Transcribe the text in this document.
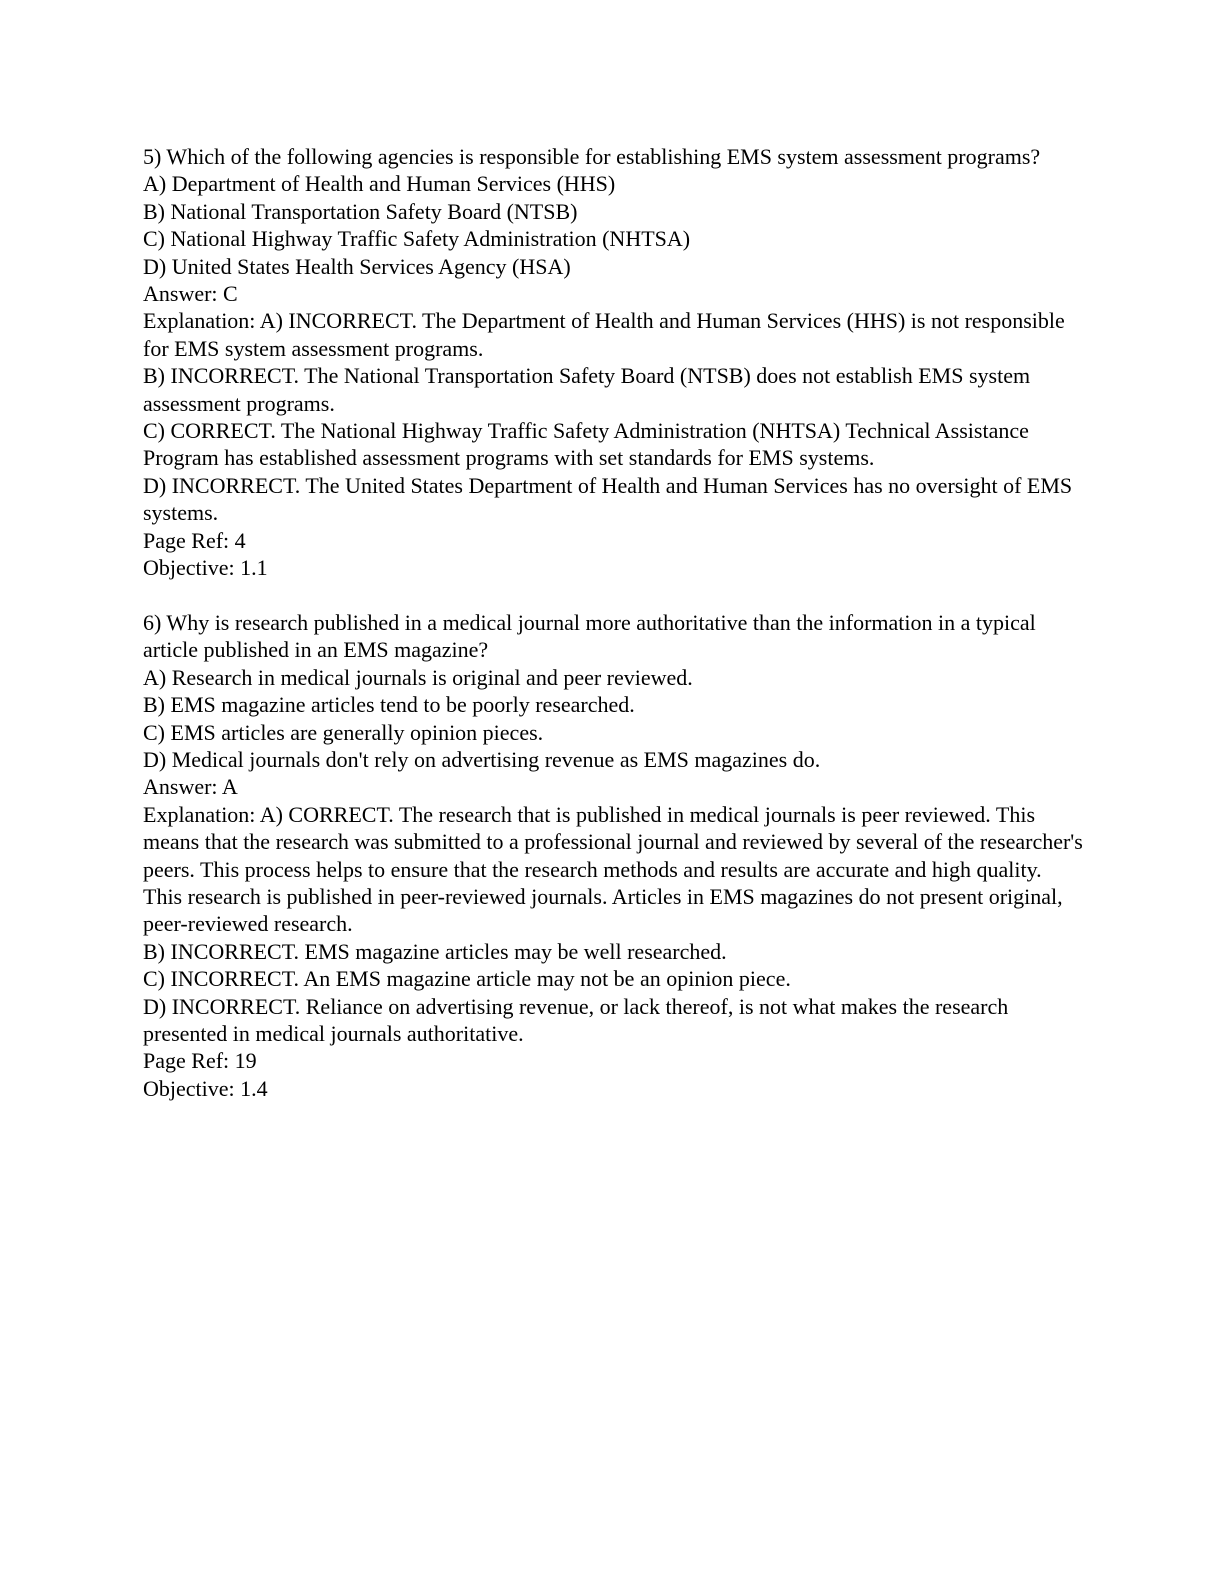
5) Which of the following agencies is responsible for establishing EMS system assessment programs?

A) Department of Health and Human Services (HHS)

B) National Transportation Safety Board (NTSB)

C) National Highway Traffic Safety Administration (NHTSA)

D) United States Health Services Agency (HSA)

Answer: C

Explanation: A) INCORRECT. The Department of Health and Human Services (HHS) is not responsible for EMS system assessment programs.

B) INCORRECT. The National Transportation Safety Board (NTSB) does not establish EMS system assessment programs.

C) CORRECT. The National Highway Traffic Safety Administration (NHTSA) Technical Assistance Program has established assessment programs with set standards for EMS systems.

D) INCORRECT. The United States Department of Health and Human Services has no oversight of EMS systems.

Page Ref: 4

Objective: 1.1

6) Why is research published in a medical journal more authoritative than the information in a typical article published in an EMS magazine?

A) Research in medical journals is original and peer reviewed.

B) EMS magazine articles tend to be poorly researched.

C) EMS articles are generally opinion pieces.

D) Medical journals don't rely on advertising revenue as EMS magazines do.

Answer: A

Explanation: A) CORRECT. The research that is published in medical journals is peer reviewed. This means that the research was submitted to a professional journal and reviewed by several of the researcher's peers. This process helps to ensure that the research methods and results are accurate and high quality. This research is published in peer-reviewed journals. Articles in EMS magazines do not present original, peer-reviewed research.

B) INCORRECT. EMS magazine articles may be well researched.

C) INCORRECT. An EMS magazine article may not be an opinion piece.

D) INCORRECT. Reliance on advertising revenue, or lack thereof, is not what makes the research presented in medical journals authoritative.

Page Ref: 19

Objective: 1.4
